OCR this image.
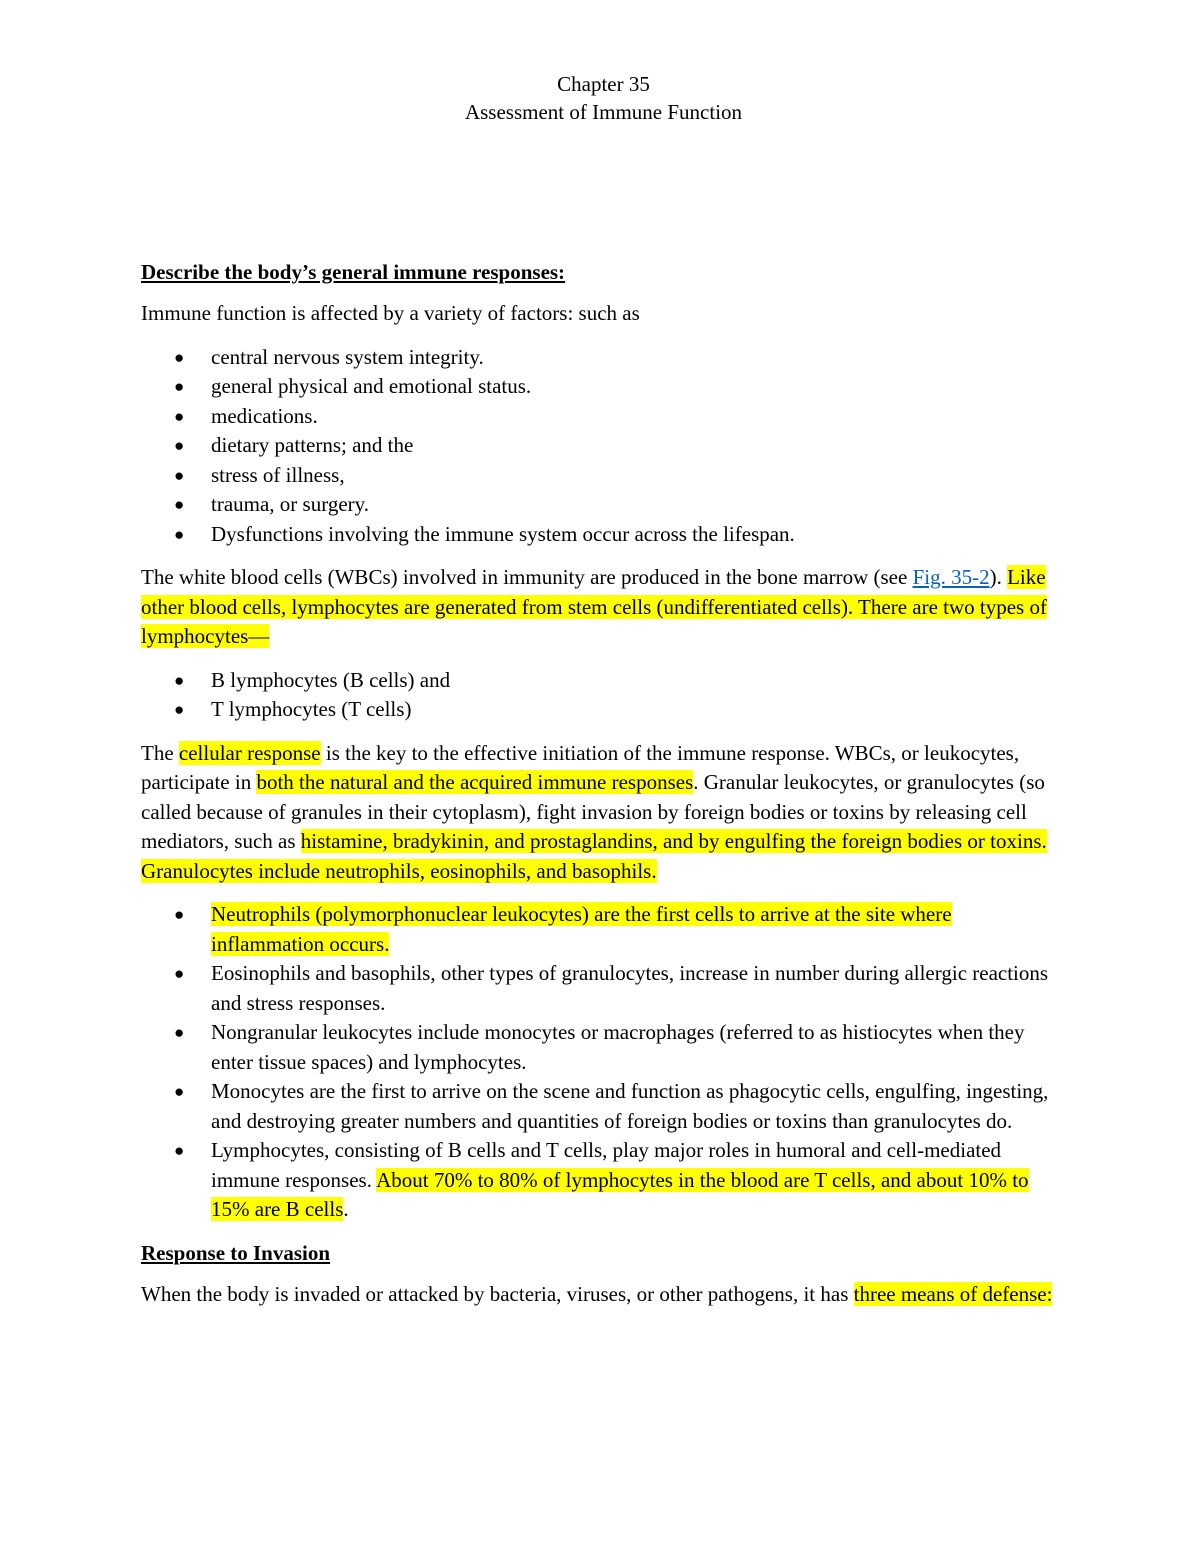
Chapter 35
Assessment of Immune Function
Describe the body’s general immune responses:

Immune function is affected by a variety of factors: such as

● central nervous system integrity.
● general physical and emotional status.
● medications.
● dietary patterns; and the
● stress of illness,
● trauma, or surgery.
● Dysfunctions involving the immune system occur across the lifespan.

The white blood cells (WBCs) involved in immunity are produced in the bone marrow (see Fig. 35-2). Like other blood cells, lymphocytes are generated from stem cells (undifferentiated cells). There are two types of lymphocytes—

● B lymphocytes (B cells) and
● T lymphocytes (T cells)

The cellular response is the key to the effective initiation of the immune response. WBCs, or leukocytes, participate in both the natural and the acquired immune responses. Granular leukocytes, or granulocytes (so called because of granules in their cytoplasm), fight invasion by foreign bodies or toxins by releasing cell mediators, such as histamine, bradykinin, and prostaglandins, and by engulfing the foreign bodies or toxins. Granulocytes include neutrophils, eosinophils, and basophils.

● Neutrophils (polymorphonuclear leukocytes) are the first cells to arrive at the site where inflammation occurs.
● Eosinophils and basophils, other types of granulocytes, increase in number during allergic reactions and stress responses.
● Nongranular leukocytes include monocytes or macrophages (referred to as histiocytes when they enter tissue spaces) and lymphocytes.
● Monocytes are the first to arrive on the scene and function as phagocytic cells, engulfing, ingesting, and destroying greater numbers and quantities of foreign bodies or toxins than granulocytes do.
● Lymphocytes, consisting of B cells and T cells, play major roles in humoral and cell-mediated immune responses. About 70% to 80% of lymphocytes in the blood are T cells, and about 10% to 15% are B cells.
Response to Invasion

When the body is invaded or attacked by bacteria, viruses, or other pathogens, it has three means of defense:
